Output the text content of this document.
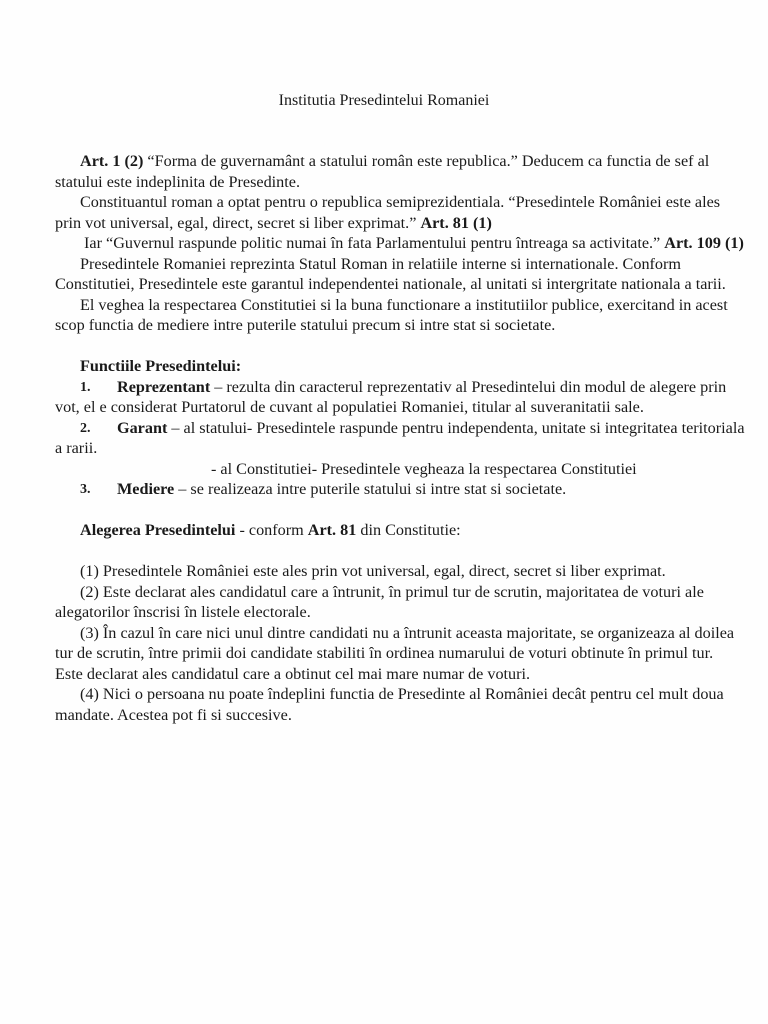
Institutia Presedintelui Romaniei

Art. 1 (2) “Forma de guvernamânt a statului român este republica.” Deducem ca functia de sef al statului este indeplinita de Presedinte.

Constituantul roman a optat pentru o republica semiprezidentiala. “Presedintele României este ales prin vot universal, egal, direct, secret si liber exprimat.” Art. 81 (1)

Iar “Guvernul raspunde politic numai în fata Parlamentului pentru întreaga sa activitate.” Art. 109 (1)

Presedintele Romaniei reprezinta Statul Roman in relatiile interne si internationale. Conform Constitutiei, Presedintele este garantul independentei nationale, al unitati si intergritate nationala a tarii.

El veghea la respectarea Constitutiei si la buna functionare a institutiilor publice, exercitand in acest scop functia de mediere intre puterile statului precum si intre stat si societate.

Functiile Presedintelui:

1. Reprezentant – rezulta din caracterul reprezentativ al Presedintelui din modul de alegere prin vot, el e considerat Purtatorul de cuvant al populatiei Romaniei, titular al suveranitatii sale.

2. Garant – al statului- Presedintele raspunde pentru independenta, unitate si integritatea teritoriala a rarii.

- al Constitutiei- Presedintele vegheaza la respectarea Constitutiei

3. Mediere – se realizeaza intre puterile statului si intre stat si societate.

Alegerea Presedintelui - conform Art. 81 din Constitutie:

(1) Presedintele României este ales prin vot universal, egal, direct, secret si liber exprimat.

(2) Este declarat ales candidatul care a întrunit, în primul tur de scrutin, majoritatea de voturi ale alegatorilor înscrisi în listele electorale.

(3) În cazul în care nici unul dintre candidati nu a întrunit aceasta majoritate, se organizeaza al doilea tur de scrutin, între primii doi candidate stabiliti în ordinea numarului de voturi obtinute în primul tur. Este declarat ales candidatul care a obtinut cel mai mare numar de voturi.

(4) Nici o persoana nu poate îndeplini functia de Presedinte al României decât pentru cel mult doua mandate. Acestea pot fi si succesive.
